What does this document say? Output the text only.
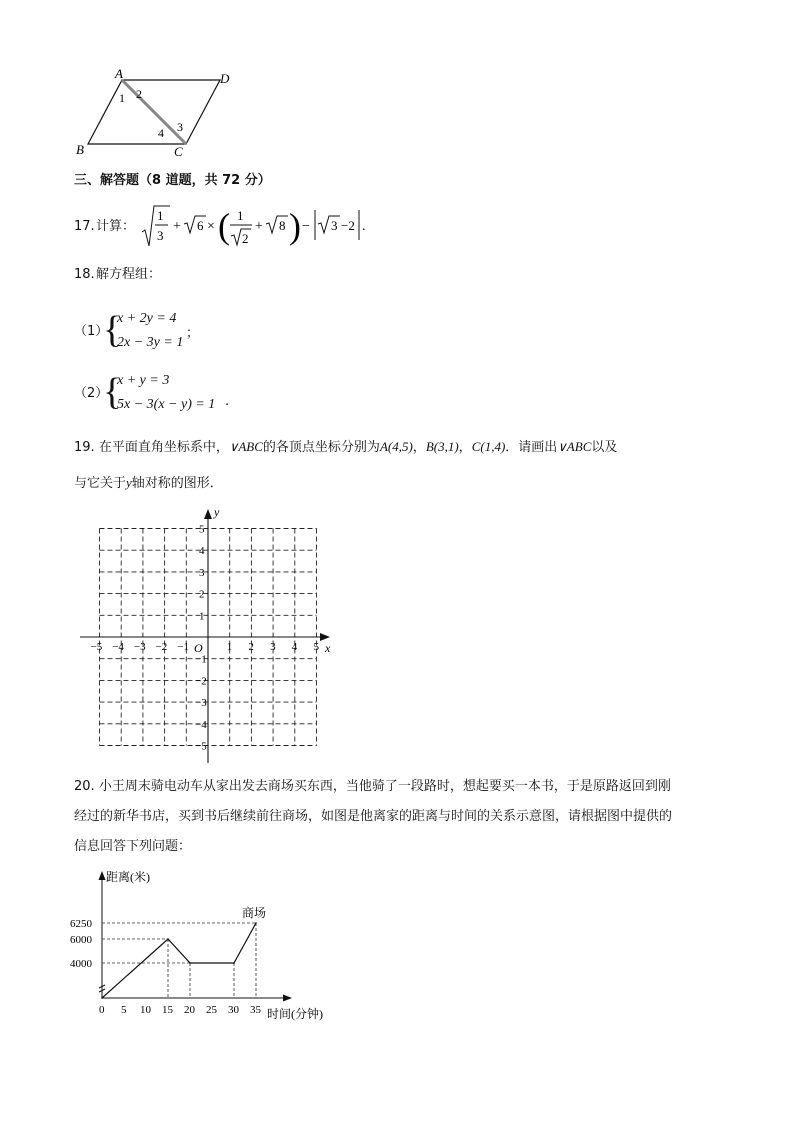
A	D
B	C
1 2
3
4
三、解答题（8 道题，共 72 分）
17. 计算：
1
3
+ 6 × ( 1
2
+ 8 ) − 3 −2 .
18. 解方程组：
（1）
{
x + 2y = 4
2x − 3y = 1
；
（2）
{
x + y = 3
5x − 3(x − y) = 1 .
19. 在平面直角坐标系中，∨ABC的各顶点坐标分别为A(4,5)，B(3,1)，C(1,4)．请画出∨ABC以及
与它关于y轴对称的图形．
x
y
O
−5 −4 −3 −2 −1	1 2 3 4 5
5
4
3
2
1
−1
−2
−3
−4
−5
20. 小王周末骑电动车从家出发去商场买东西，当他骑了一段路时，想起要买一本书，于是原路返回到刚
经过的新华书店，买到书后继续前往商场，如图是他离家的距离与时间的关系示意图，请根据图中提供的
信息回答下列问题：
距离(米)
时间(分钟)
0 5 10 15 20 25 30 35
4000
6000
6250
商场
